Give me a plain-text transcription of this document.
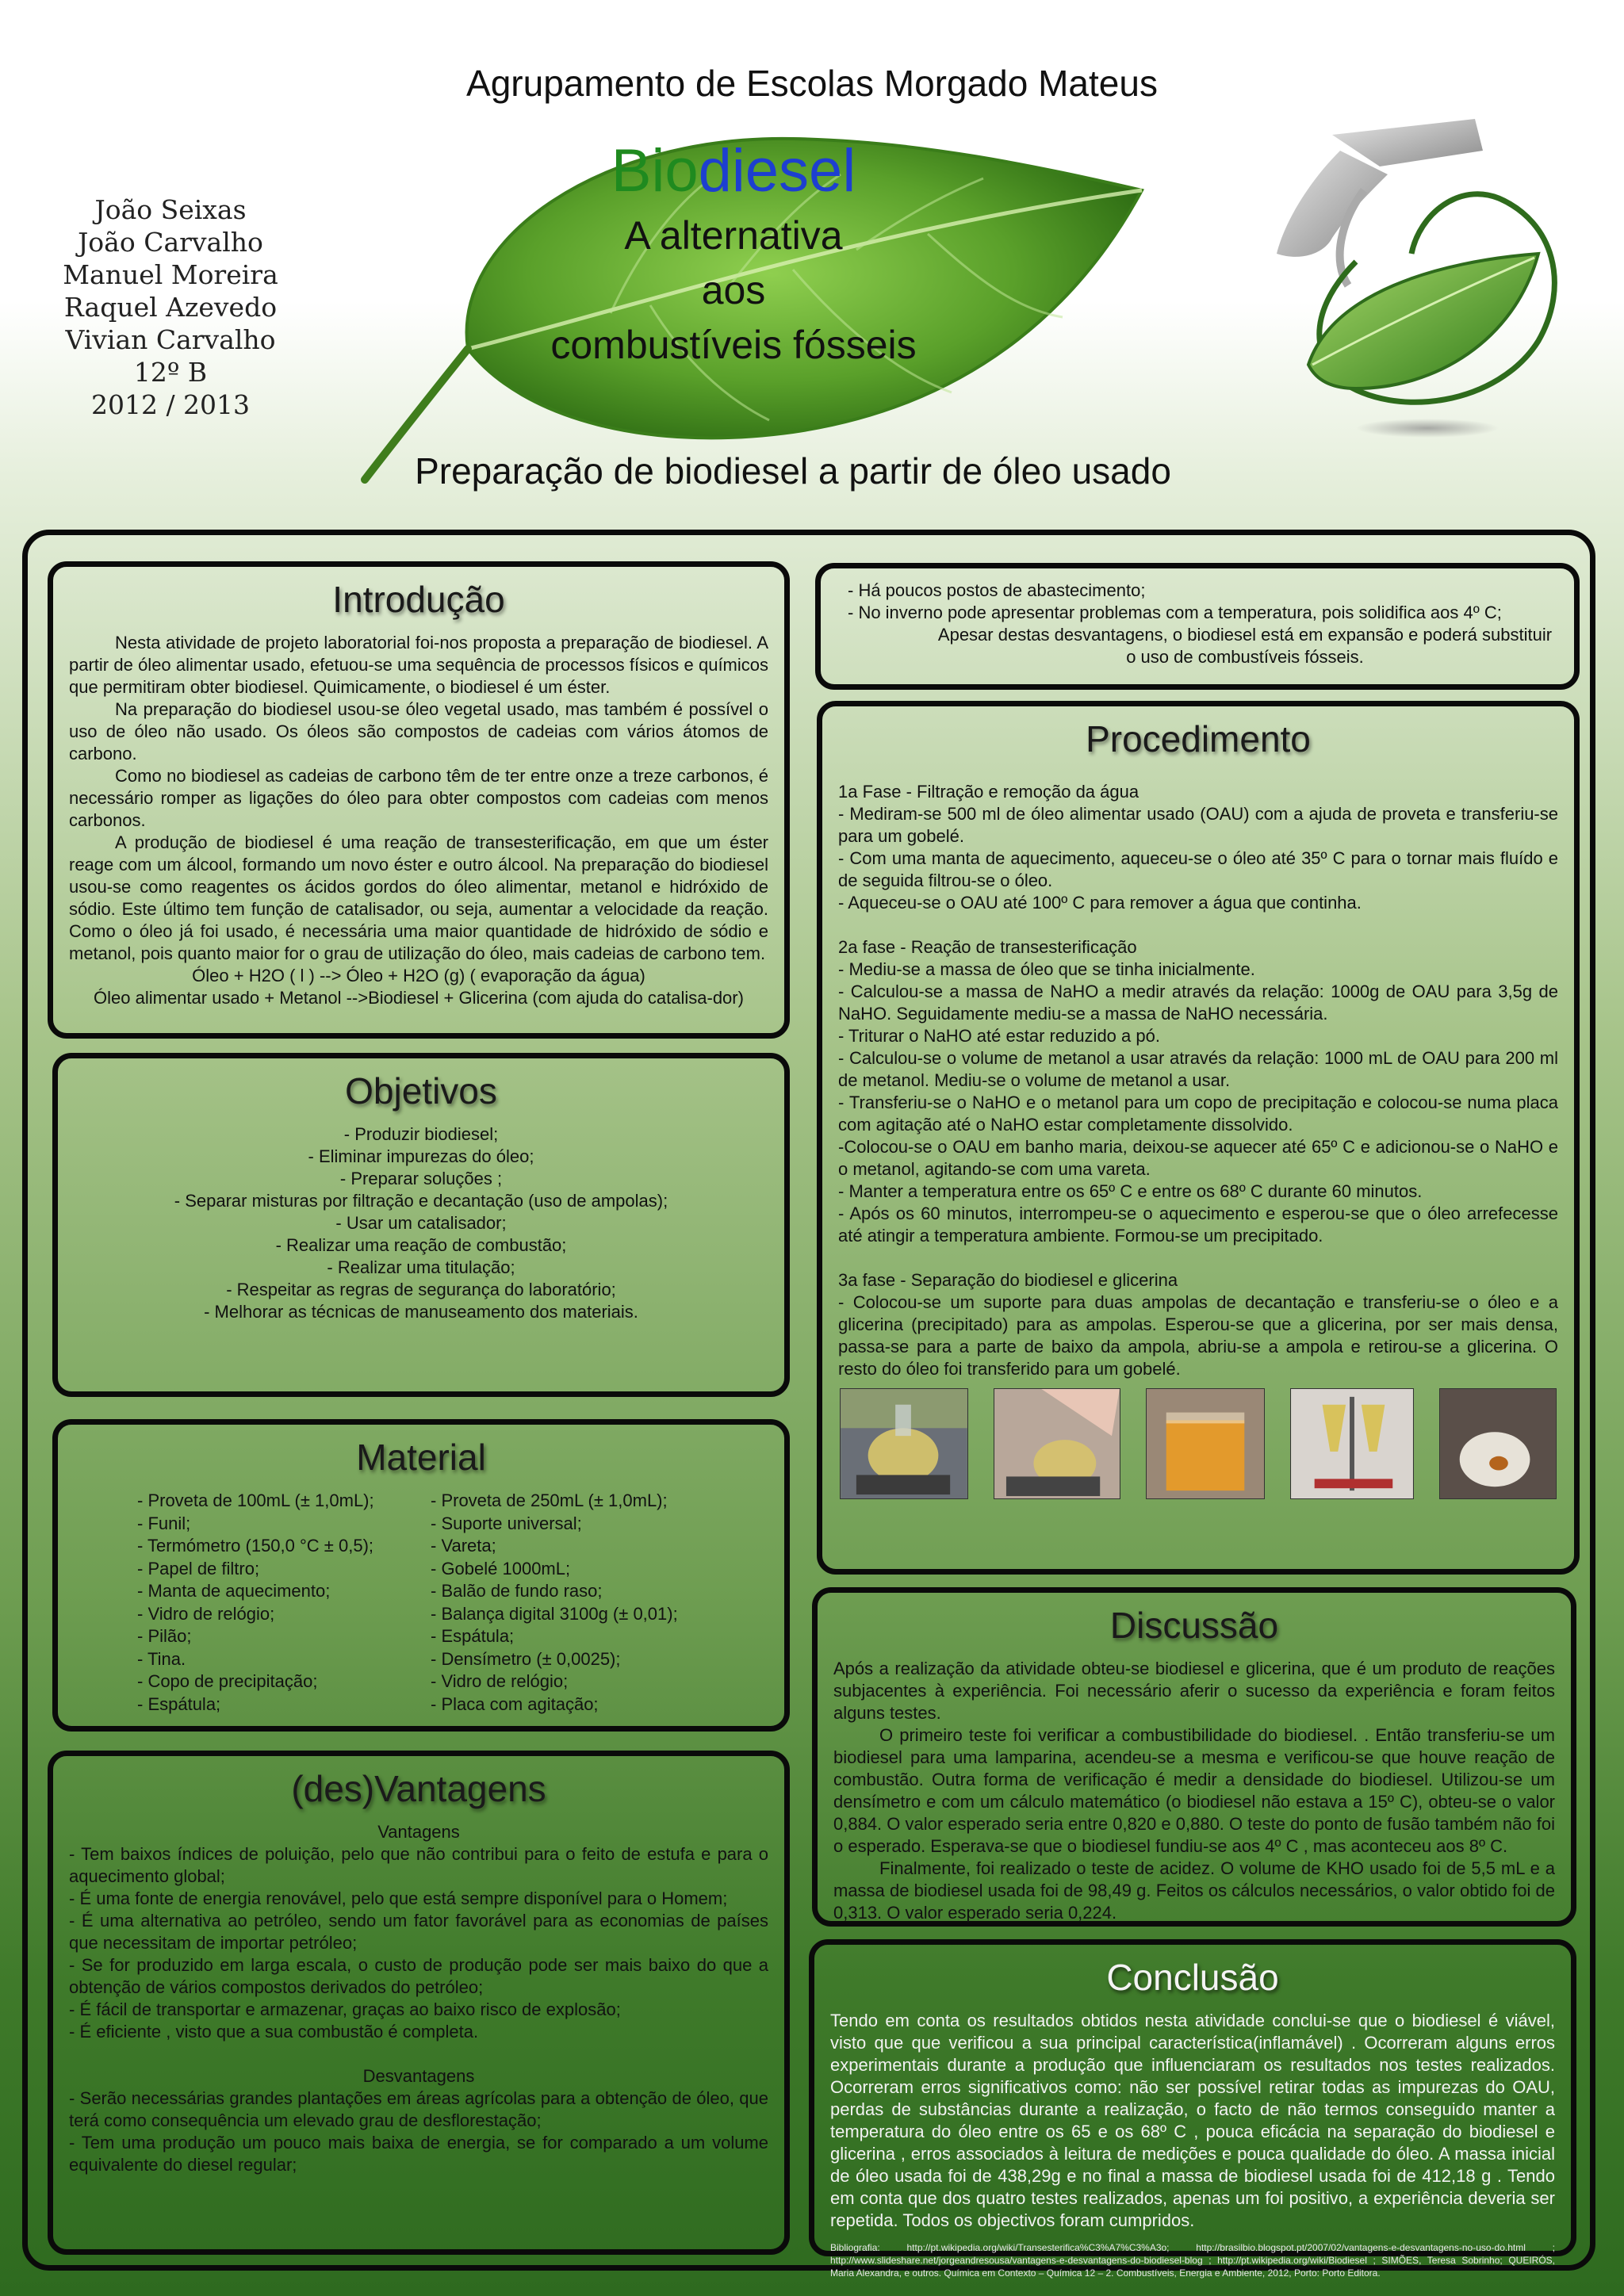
Agrupamento de Escolas Morgado Mateus
João Seixas
João Carvalho
Manuel Moreira
Raquel Azevedo
Vivian Carvalho
12º B
2012 / 2013
Biodiesel
A alternativa
aos
combustíveis fósseis
Preparação de biodiesel a partir de óleo usado
Introdução

Nesta atividade de projeto laboratorial foi-nos proposta a preparação de biodiesel. A partir de óleo alimentar usado, efetuou-se uma sequência de processos físicos e químicos que permitiram obter biodiesel. Quimicamente, o biodiesel é um éster.

Na preparação do biodiesel usou-se óleo vegetal usado, mas também é possível o uso de óleo não usado. Os óleos são compostos de cadeias com vários átomos de carbono.

Como no biodiesel as cadeias de carbono têm de ter entre onze a treze carbonos, é necessário romper as ligações do óleo para obter compostos com cadeias com menos carbonos.

A produção de biodiesel é uma reação de transesterificação, em que um éster reage com um álcool, formando um novo éster e outro álcool. Na preparação do biodiesel usou-se como reagentes os ácidos gordos do óleo alimentar, metanol e hidróxido de sódio. Este último tem função de catalisador, ou seja, aumentar a velocidade da reação. Como o óleo já foi usado, é necessária uma maior quantidade de hidróxido de sódio e metanol, pois quanto maior for o grau de utilização do óleo, mais cadeias de carbono tem.

Óleo + H2O ( l ) --> Óleo + H2O (g) ( evaporação da água)

Óleo alimentar usado + Metanol -->Biodiesel + Glicerina (com ajuda do catalisa-dor)

Objetivos
- Produzir biodiesel;
- Eliminar impurezas do óleo;
- Preparar soluções ;
- Separar misturas por filtração e decantação (uso de ampolas);
- Usar um catalisador;
- Realizar uma reação de combustão;
- Realizar uma titulação;
- Respeitar as regras de segurança do laboratório;
- Melhorar as técnicas de manuseamento dos materiais.
Material
- Proveta de 100mL (± 1,0mL);
- Funil;
- Termómetro (150,0 °C ± 0,5);
- Papel de filtro;
- Manta de aquecimento;
- Vidro de relógio;
- Pilão;
- Tina.
- Copo de precipitação;
- Espátula;
- Proveta de 250mL (± 1,0mL);
- Suporte universal;
- Vareta;
- Gobelé 1000mL;
- Balão de fundo raso;
- Balança digital 3100g (± 0,01);
- Espátula;
- Densímetro (± 0,0025);
- Vidro de relógio;
- Placa com agitação;
(des)Vantagens

Vantagens

- Tem baixos índices de poluição, pelo que não contribui para o feito de estufa e para o aquecimento global;

- É uma fonte de energia renovável, pelo que está sempre disponível para o Homem;

- É uma alternativa ao petróleo, sendo um fator favorável para as economias de países que necessitam de importar petróleo;

- Se for produzido em larga escala, o custo de produção pode ser mais baixo do que a obtenção de vários compostos derivados do petróleo;

- É fácil de transportar e armazenar, graças ao baixo risco de explosão;

- É eficiente , visto que a sua combustão é completa.

Desvantagens

- Serão necessárias grandes plantações em áreas agrícolas para a obtenção de óleo, que terá como consequência um elevado grau de desflorestação;

- Tem uma produção um pouco mais baixa de energia, se for comparado a um volume equivalente do diesel regular;

- Há poucos postos de abastecimento;

- No inverno pode apresentar problemas com a temperatura, pois solidifica aos 4º C;

Apesar destas desvantagens, o biodiesel está em expansão e poderá substituir o uso de combustíveis fósseis.

Procedimento

1a Fase - Filtração e remoção da água

- Mediram-se 500 ml de óleo alimentar usado (OAU) com a ajuda de proveta e transferiu-se para um gobelé.

- Com uma manta de aquecimento, aqueceu-se o óleo até 35º C para o tornar mais fluído e de seguida filtrou-se o óleo.

- Aqueceu-se o OAU até 100º C para remover a água que continha.

2a fase - Reação de transesterificação

- Mediu-se a massa de óleo que se tinha inicialmente.

- Calculou-se a massa de NaHO a medir através da relação: 1000g de OAU para 3,5g de NaHO. Seguidamente mediu-se a massa de NaHO necessária.

- Triturar o NaHO até estar reduzido a pó.

- Calculou-se o volume de metanol a usar através da relação: 1000 mL de OAU para 200 ml de metanol. Mediu-se o volume de metanol a usar.

- Transferiu-se o NaHO e o metanol para um copo de precipitação e colocou-se numa placa com agitação até o NaHO estar completamente dissolvido.

-Colocou-se o OAU em banho maria, deixou-se aquecer até 65º C e adicionou-se o NaHO e o metanol, agitando-se com uma vareta.

- Manter a temperatura entre os 65º C e entre os 68º C durante 60 minutos.

- Após os 60 minutos, interrompeu-se o aquecimento e esperou-se que o óleo arrefecesse até atingir a temperatura ambiente. Formou-se um precipitado.

3a fase - Separação do biodiesel e glicerina

- Colocou-se um suporte para duas ampolas de decantação e transferiu-se o óleo e a glicerina (precipitado) para as ampolas. Esperou-se que a glicerina, por ser mais densa, passa-se para a parte de baixo da ampola, abriu-se a ampola e retirou-se a glicerina. O resto do óleo foi transferido para um gobelé.

Discussão

Após a realização da atividade obteu-se biodiesel e glicerina, que é um produto de reações subjacentes à experiência. Foi necessário aferir o sucesso da experiência e foram feitos alguns testes.

O primeiro teste foi verificar a combustibilidade do biodiesel. . Então transferiu-se um biodiesel para uma lamparina, acendeu-se a mesma e verificou-se que houve reação de combustão. Outra forma de verificação é medir a densidade do biodiesel. Utilizou-se um densímetro e com um cálculo matemático (o biodiesel não estava a 15º C), obteu-se o valor 0,884. O valor esperado seria entre 0,820 e 0,880. O teste do ponto de fusão também não foi o esperado. Esperava-se que o biodiesel fundiu-se aos 4º C , mas aconteceu aos 8º C.

Finalmente, foi realizado o teste de acidez. O volume de KHO usado foi de 5,5 mL e a massa de biodiesel usada foi de 98,49 g. Feitos os cálculos necessários, o valor obtido foi de 0,313. O valor esperado seria 0,224.

Conclusão
Tendo em conta os resultados obtidos nesta atividade conclui-se que o biodiesel é viável, visto que que verificou a sua principal característica(inflamável) . Ocorreram alguns erros experimentais durante a produção que influenciaram os resultados nos testes realizados. Ocorreram erros significativos como: não ser possível retirar todas as impurezas do OAU, perdas de substâncias durante a realização, o facto de não termos conseguido manter a temperatura do óleo entre os 65 e os 68º C , pouca eficácia na separação do biodiesel e glicerina , erros associados à leitura de medições e pouca qualidade do óleo. A massa inicial de óleo usada foi de 438,29g e no final a massa de biodiesel usada foi de 412,18 g . Tendo em conta que dos quatro testes realizados, apenas um foi positivo, a experiência deveria ser repetida. Todos os objectivos foram cumpridos.
Bibliografia: http://pt.wikipedia.org/wiki/Transesterifica%C3%A7%C3%A3o; http://brasilbio.blogspot.pt/2007/02/vantagens-e-desvantagens-no-uso-do.html ; http://www.slideshare.net/jorgeandresousa/vantagens-e-desvantagens-do-biodiesel-blog ; http://pt.wikipedia.org/wiki/Biodiesel ; SIMÕES, Teresa Sobrinho; QUEIRÓS, Maria Alexandra, e outros. Química em Contexto – Química 12 – 2. Combustíveis, Energia e Ambiente, 2012, Porto: Porto Editora.
